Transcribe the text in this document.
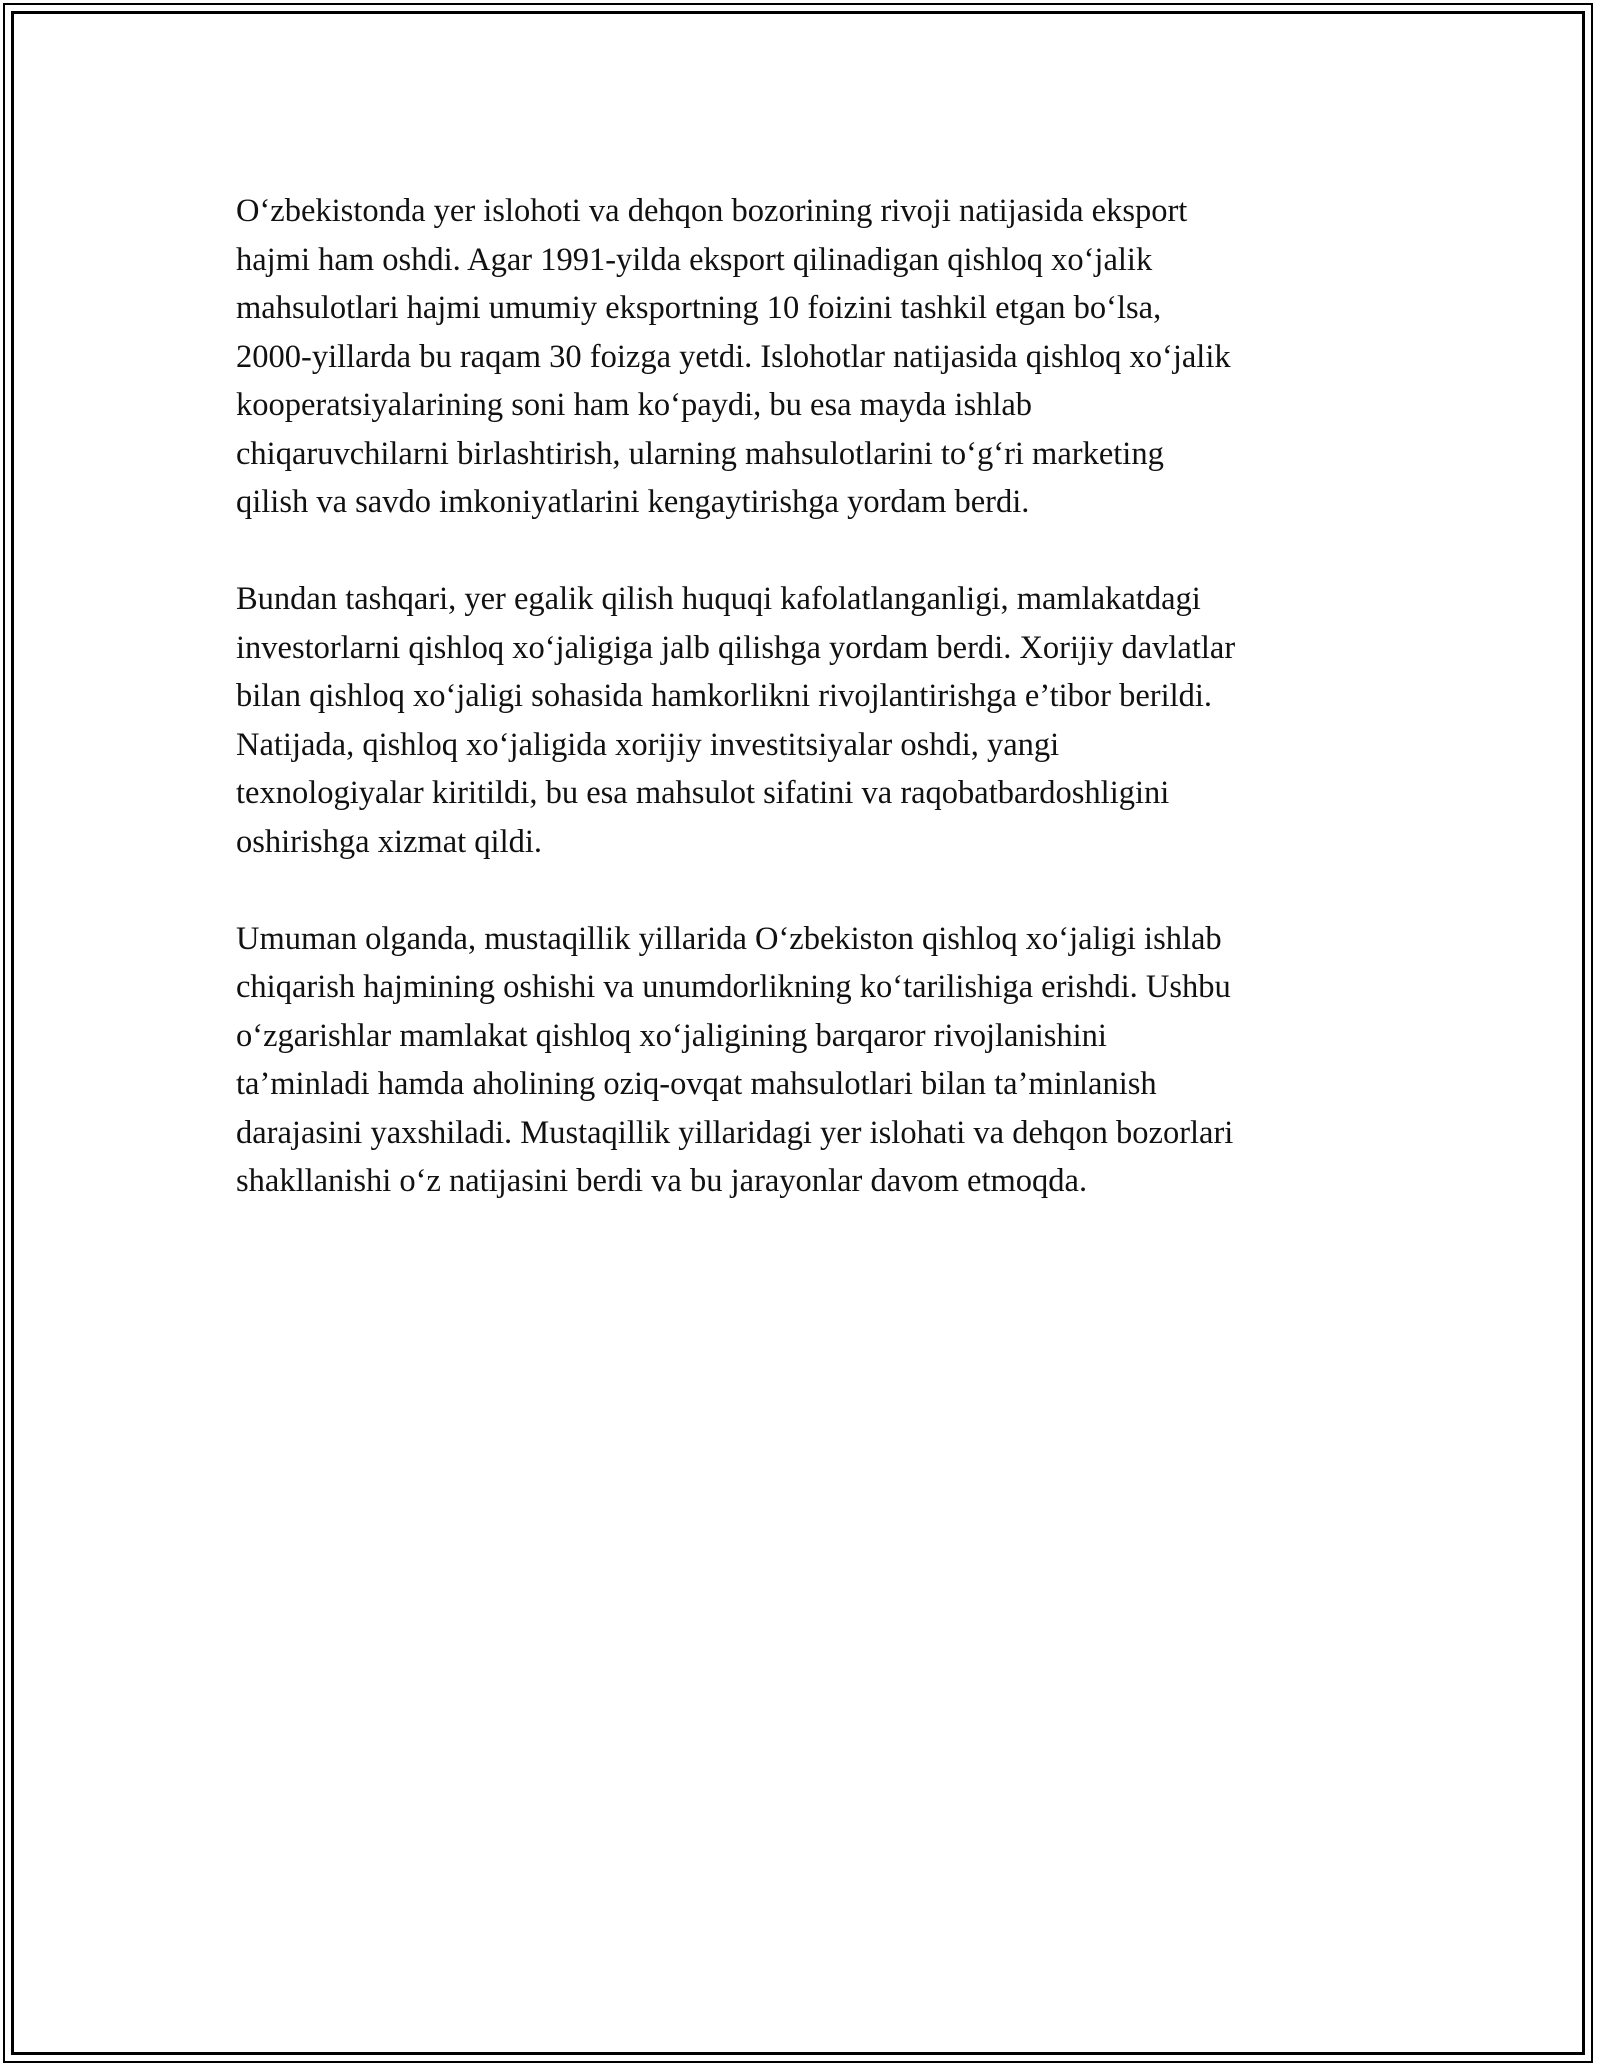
O‘zbekistonda yer islohoti va dehqon bozorining rivoji natijasida eksport
hajmi ham oshdi. Agar 1991-yilda eksport qilinadigan qishloq xo‘jalik
mahsulotlari hajmi umumiy eksportning 10 foizini tashkil etgan bo‘lsa,
2000-yillarda bu raqam 30 foizga yetdi. Islohotlar natijasida qishloq xo‘jalik
kooperatsiyalarining soni ham ko‘paydi, bu esa mayda ishlab
chiqaruvchilarni birlashtirish, ularning mahsulotlarini to‘g‘ri marketing
qilish va savdo imkoniyatlarini kengaytirishga yordam berdi.

Bundan tashqari, yer egalik qilish huquqi kafolatlanganligi, mamlakatdagi
investorlarni qishloq xo‘jaligiga jalb qilishga yordam berdi. Xorijiy davlatlar
bilan qishloq xo‘jaligi sohasida hamkorlikni rivojlantirishga e’tibor berildi.
Natijada, qishloq xo‘jaligida xorijiy investitsiyalar oshdi, yangi
texnologiyalar kiritildi, bu esa mahsulot sifatini va raqobatbardoshligini
oshirishga xizmat qildi.

Umuman olganda, mustaqillik yillarida O‘zbekiston qishloq xo‘jaligi ishlab
chiqarish hajmining oshishi va unumdorlikning ko‘tarilishiga erishdi. Ushbu
o‘zgarishlar mamlakat qishloq xo‘jaligining barqaror rivojlanishini
ta’minladi hamda aholining oziq-ovqat mahsulotlari bilan ta’minlanish
darajasini yaxshiladi. Mustaqillik yillaridagi yer islohati va dehqon bozorlari
shakllanishi o‘z natijasini berdi va bu jarayonlar davom etmoqda.
